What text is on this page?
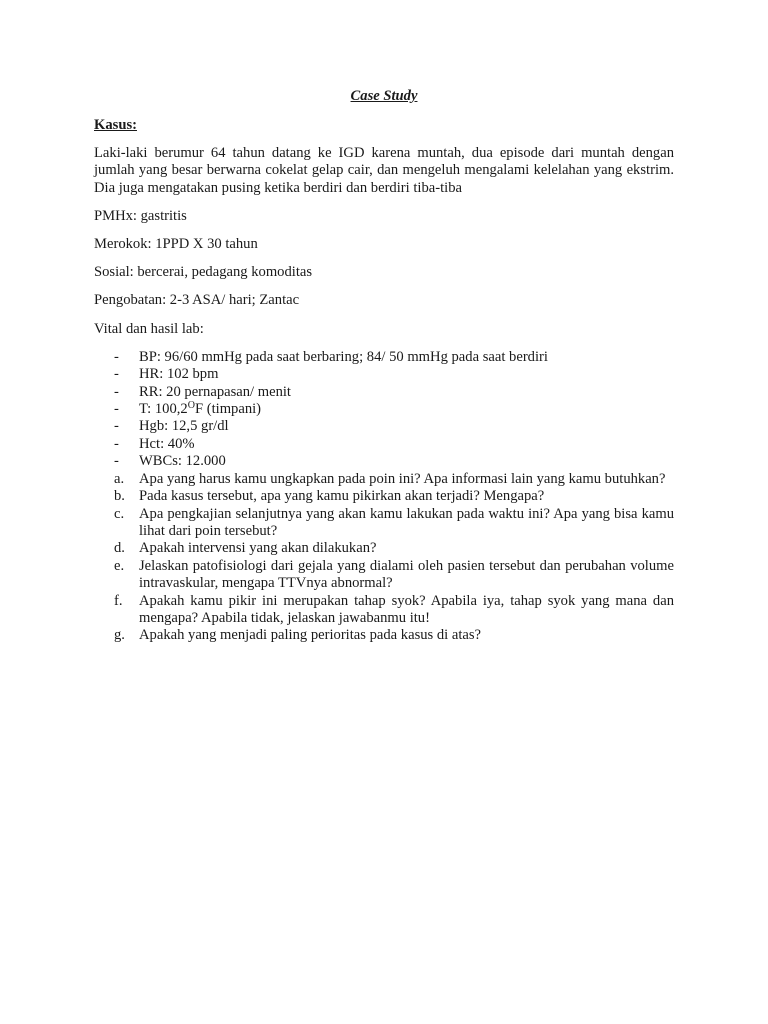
Case Study
Kasus:
Laki-laki berumur 64 tahun datang ke IGD karena muntah, dua episode dari muntah dengan jumlah yang besar berwarna cokelat gelap cair, dan mengeluh mengalami kelelahan yang ekstrim. Dia juga mengatakan pusing ketika berdiri dan berdiri tiba-tiba
PMHx: gastritis
Merokok: 1PPD X 30 tahun
Sosial: bercerai, pedagang komoditas
Pengobatan: 2-3 ASA/ hari; Zantac
Vital dan hasil lab:
- BP: 96/60 mmHg pada saat berbaring; 84/ 50 mmHg pada saat berdiri
- HR: 102 bpm
- RR: 20 pernapasan/ menit
- T: $100,2^OF$ (timpani)
- Hgb: 12,5 gr/dl
- Hct: 40%
- WBCs: 12.000
a. Apa yang harus kamu ungkapkan pada poin ini? Apa informasi lain yang kamu butuhkan?
b. Pada kasus tersebut, apa yang kamu pikirkan akan terjadi? Mengapa?
c. Apa pengkajian selanjutnya yang akan kamu lakukan pada waktu ini? Apa yang bisa kamu lihat dari poin tersebut?
d. Apakah intervensi yang akan dilakukan?
e. Jelaskan patofisiologi dari gejala yang dialami oleh pasien tersebut dan perubahan volume intravaskular, mengapa TTVnya abnormal?
f. Apakah kamu pikir ini merupakan tahap syok? Apabila iya, tahap syok yang mana dan mengapa? Apabila tidak, jelaskan jawabanmu itu!
g. Apakah yang menjadi paling perioritas pada kasus di atas?
